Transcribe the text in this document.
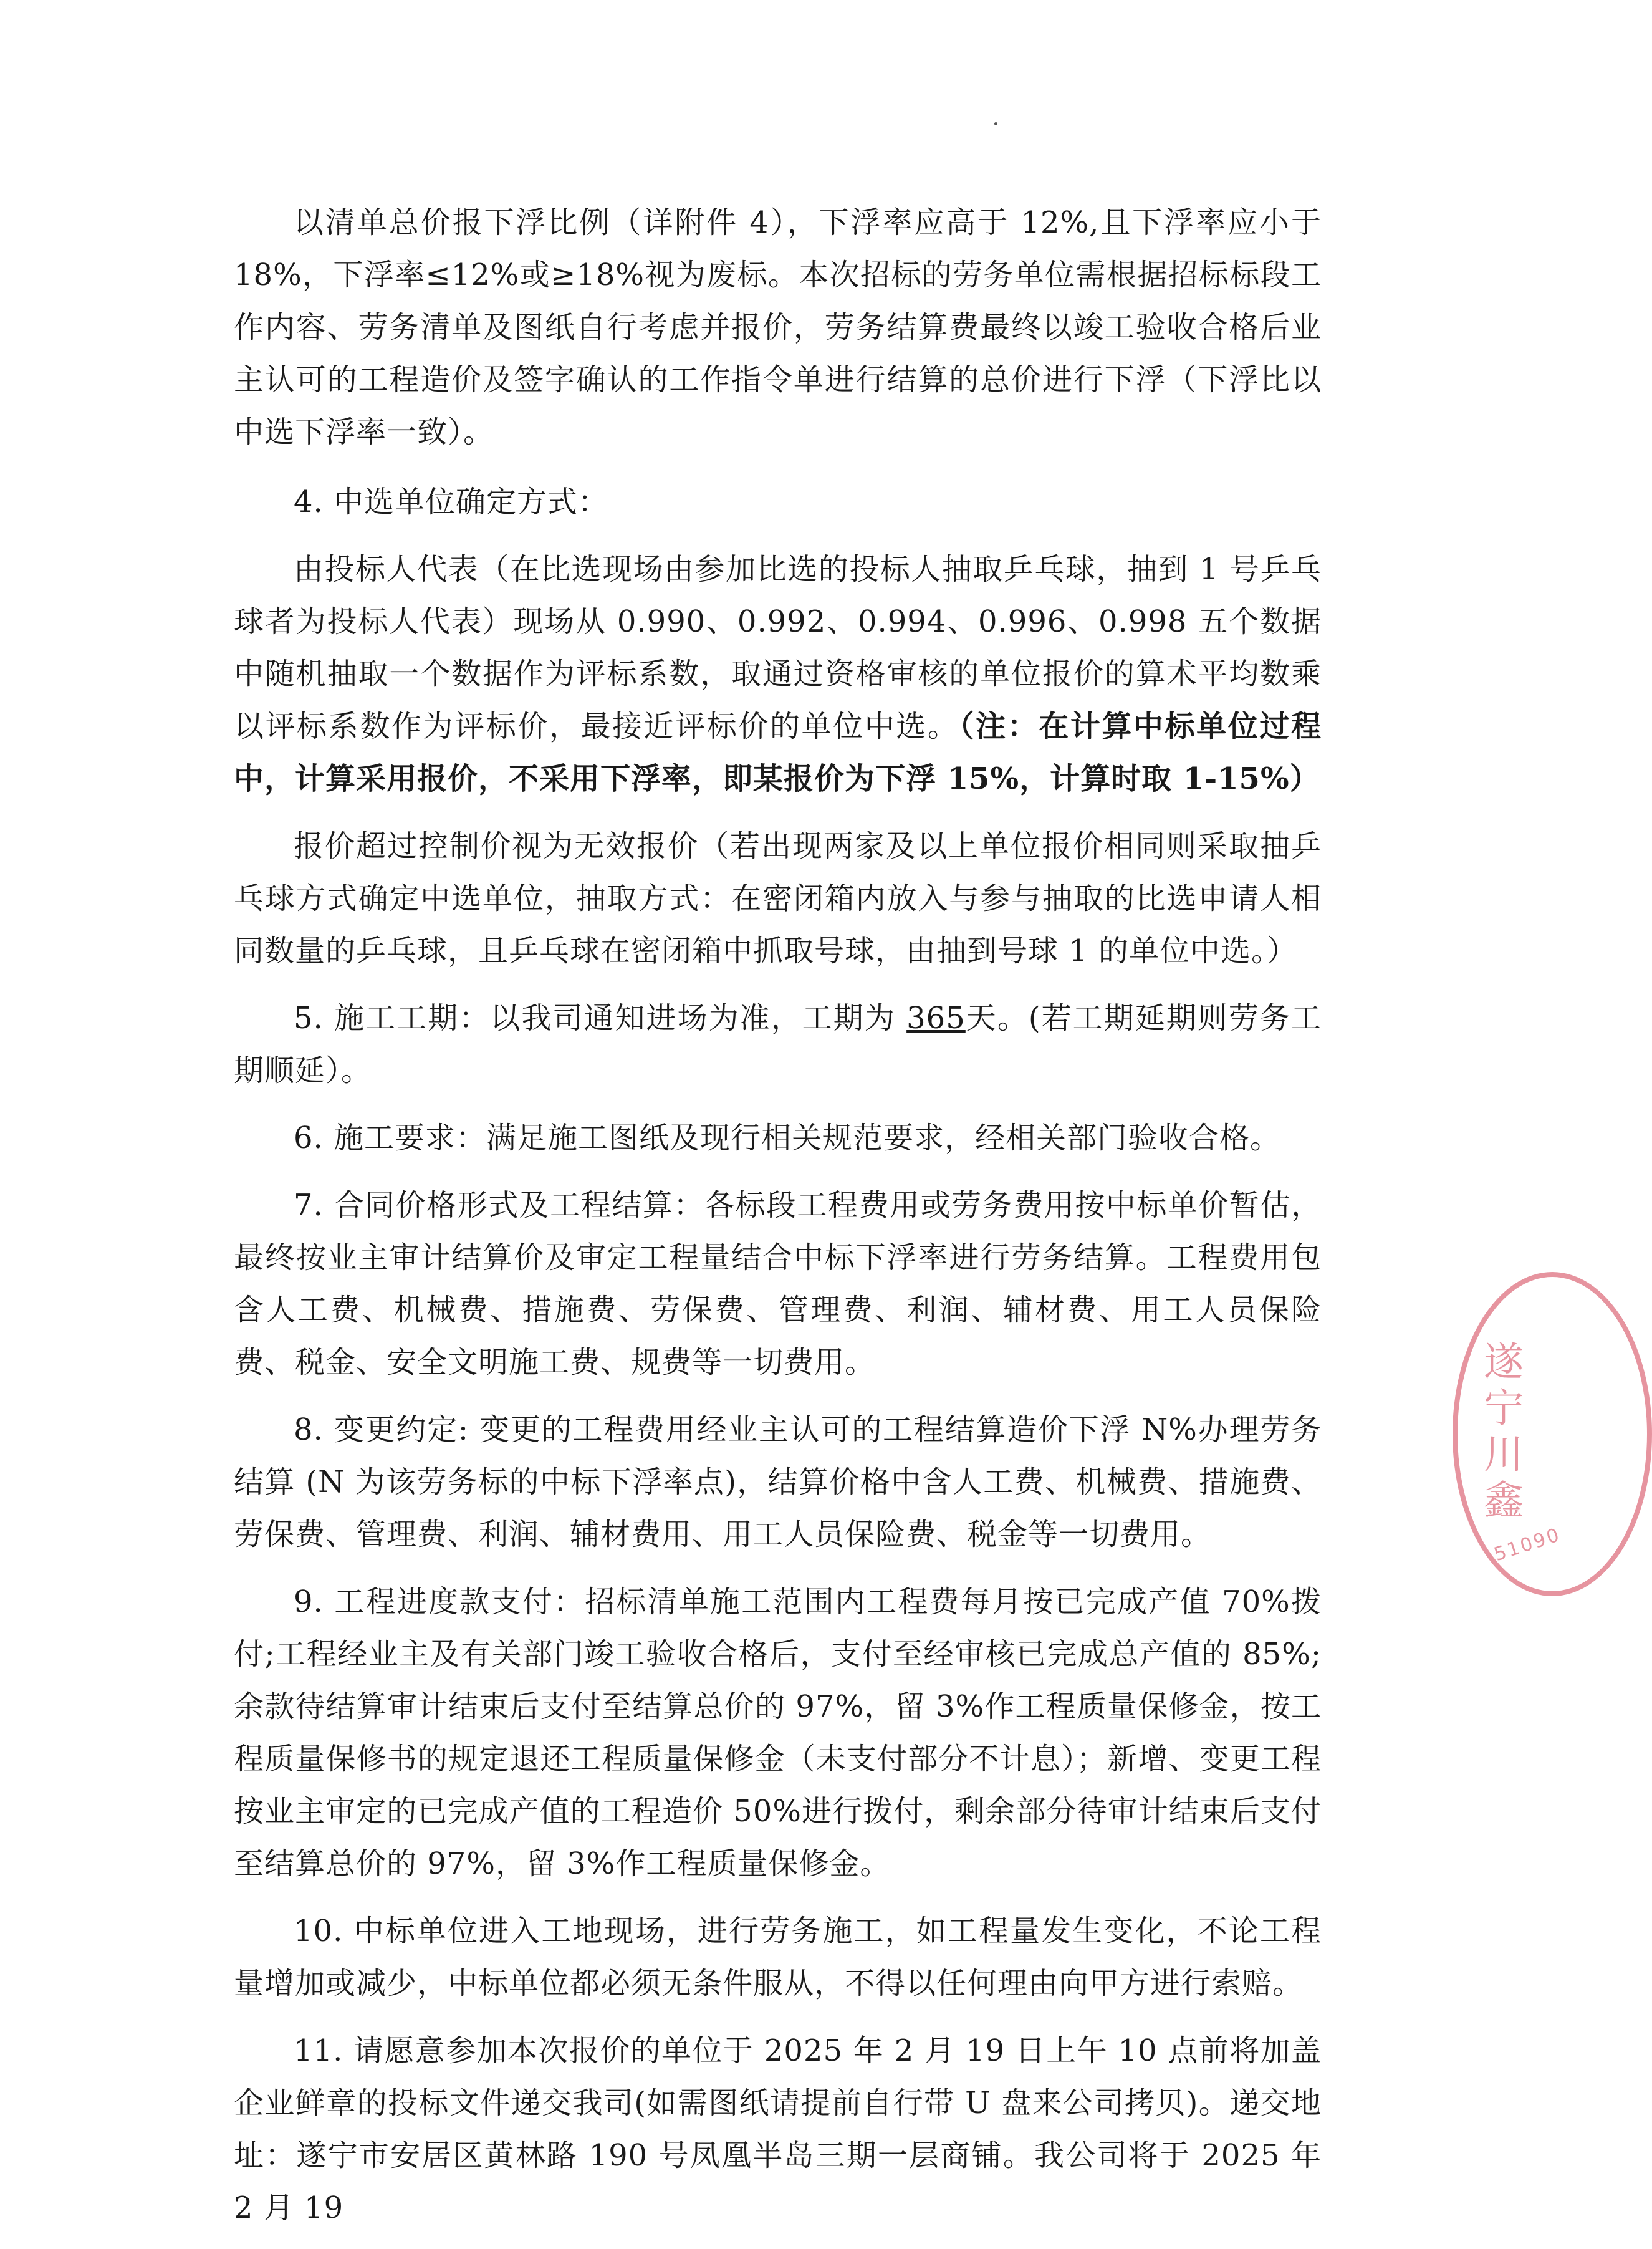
以清单总价报下浮比例（详附件 4），下浮率应高于 12%,且下浮率应小于18%，下浮率≤12%或≥18%视为废标。本次招标的劳务单位需根据招标标段工作内容、劳务清单及图纸自行考虑并报价，劳务结算费最终以竣工验收合格后业主认可的工程造价及签字确认的工作指令单进行结算的总价进行下浮（下浮比以中选下浮率一致）。

4. 中选单位确定方式：

由投标人代表（在比选现场由参加比选的投标人抽取乒乓球，抽到 1 号乒乓球者为投标人代表）现场从 0.990、0.992、0.994、0.996、0.998 五个数据中随机抽取一个数据作为评标系数，取通过资格审核的单位报价的算术平均数乘以评标系数作为评标价，最接近评标价的单位中选。（注：在计算中标单位过程中，计算采用报价，不采用下浮率，即某报价为下浮 15%，计算时取 1-15%）

报价超过控制价视为无效报价（若出现两家及以上单位报价相同则采取抽乒乓球方式确定中选单位，抽取方式：在密闭箱内放入与参与抽取的比选申请人相同数量的乒乓球，且乒乓球在密闭箱中抓取号球，由抽到号球 1 的单位中选。）

5. 施工工期：以我司通知进场为准，工期为 365天。(若工期延期则劳务工期顺延）。

6. 施工要求：满足施工图纸及现行相关规范要求，经相关部门验收合格。

7. 合同价格形式及工程结算：各标段工程费用或劳务费用按中标单价暂估，最终按业主审计结算价及审定工程量结合中标下浮率进行劳务结算。工程费用包含人工费、机械费、措施费、劳保费、管理费、利润、辅材费、用工人员保险费、税金、安全文明施工费、规费等一切费用。

8. 变更约定: 变更的工程费用经业主认可的工程结算造价下浮 N%办理劳务结算 (N 为该劳务标的中标下浮率点)，结算价格中含人工费、机械费、措施费、劳保费、管理费、利润、辅材费用、用工人员保险费、税金等一切费用。

9. 工程进度款支付：招标清单施工范围内工程费每月按已完成产值 70%拨付;工程经业主及有关部门竣工验收合格后，支付至经审核已完成总产值的 85%;余款待结算审计结束后支付至结算总价的 97%，留 3%作工程质量保修金，按工程质量保修书的规定退还工程质量保修金（未支付部分不计息）；新增、变更工程按业主审定的已完成产值的工程造价 50%进行拨付，剩余部分待审计结束后支付至结算总价的 97%，留 3%作工程质量保修金。

10. 中标单位进入工地现场，进行劳务施工，如工程量发生变化，不论工程量增加或减少，中标单位都必须无条件服从，不得以任何理由向甲方进行索赔。

11. 请愿意参加本次报价的单位于 2025 年 2 月 19 日上午 10 点前将加盖企业鲜章的投标文件递交我司(如需图纸请提前自行带 U 盘来公司拷贝)。递交地址：遂宁市安居区黄林路 190 号凤凰半岛三期一层商铺。我公司将于 2025 年 2 月 19

遂宁川鑫
51090
